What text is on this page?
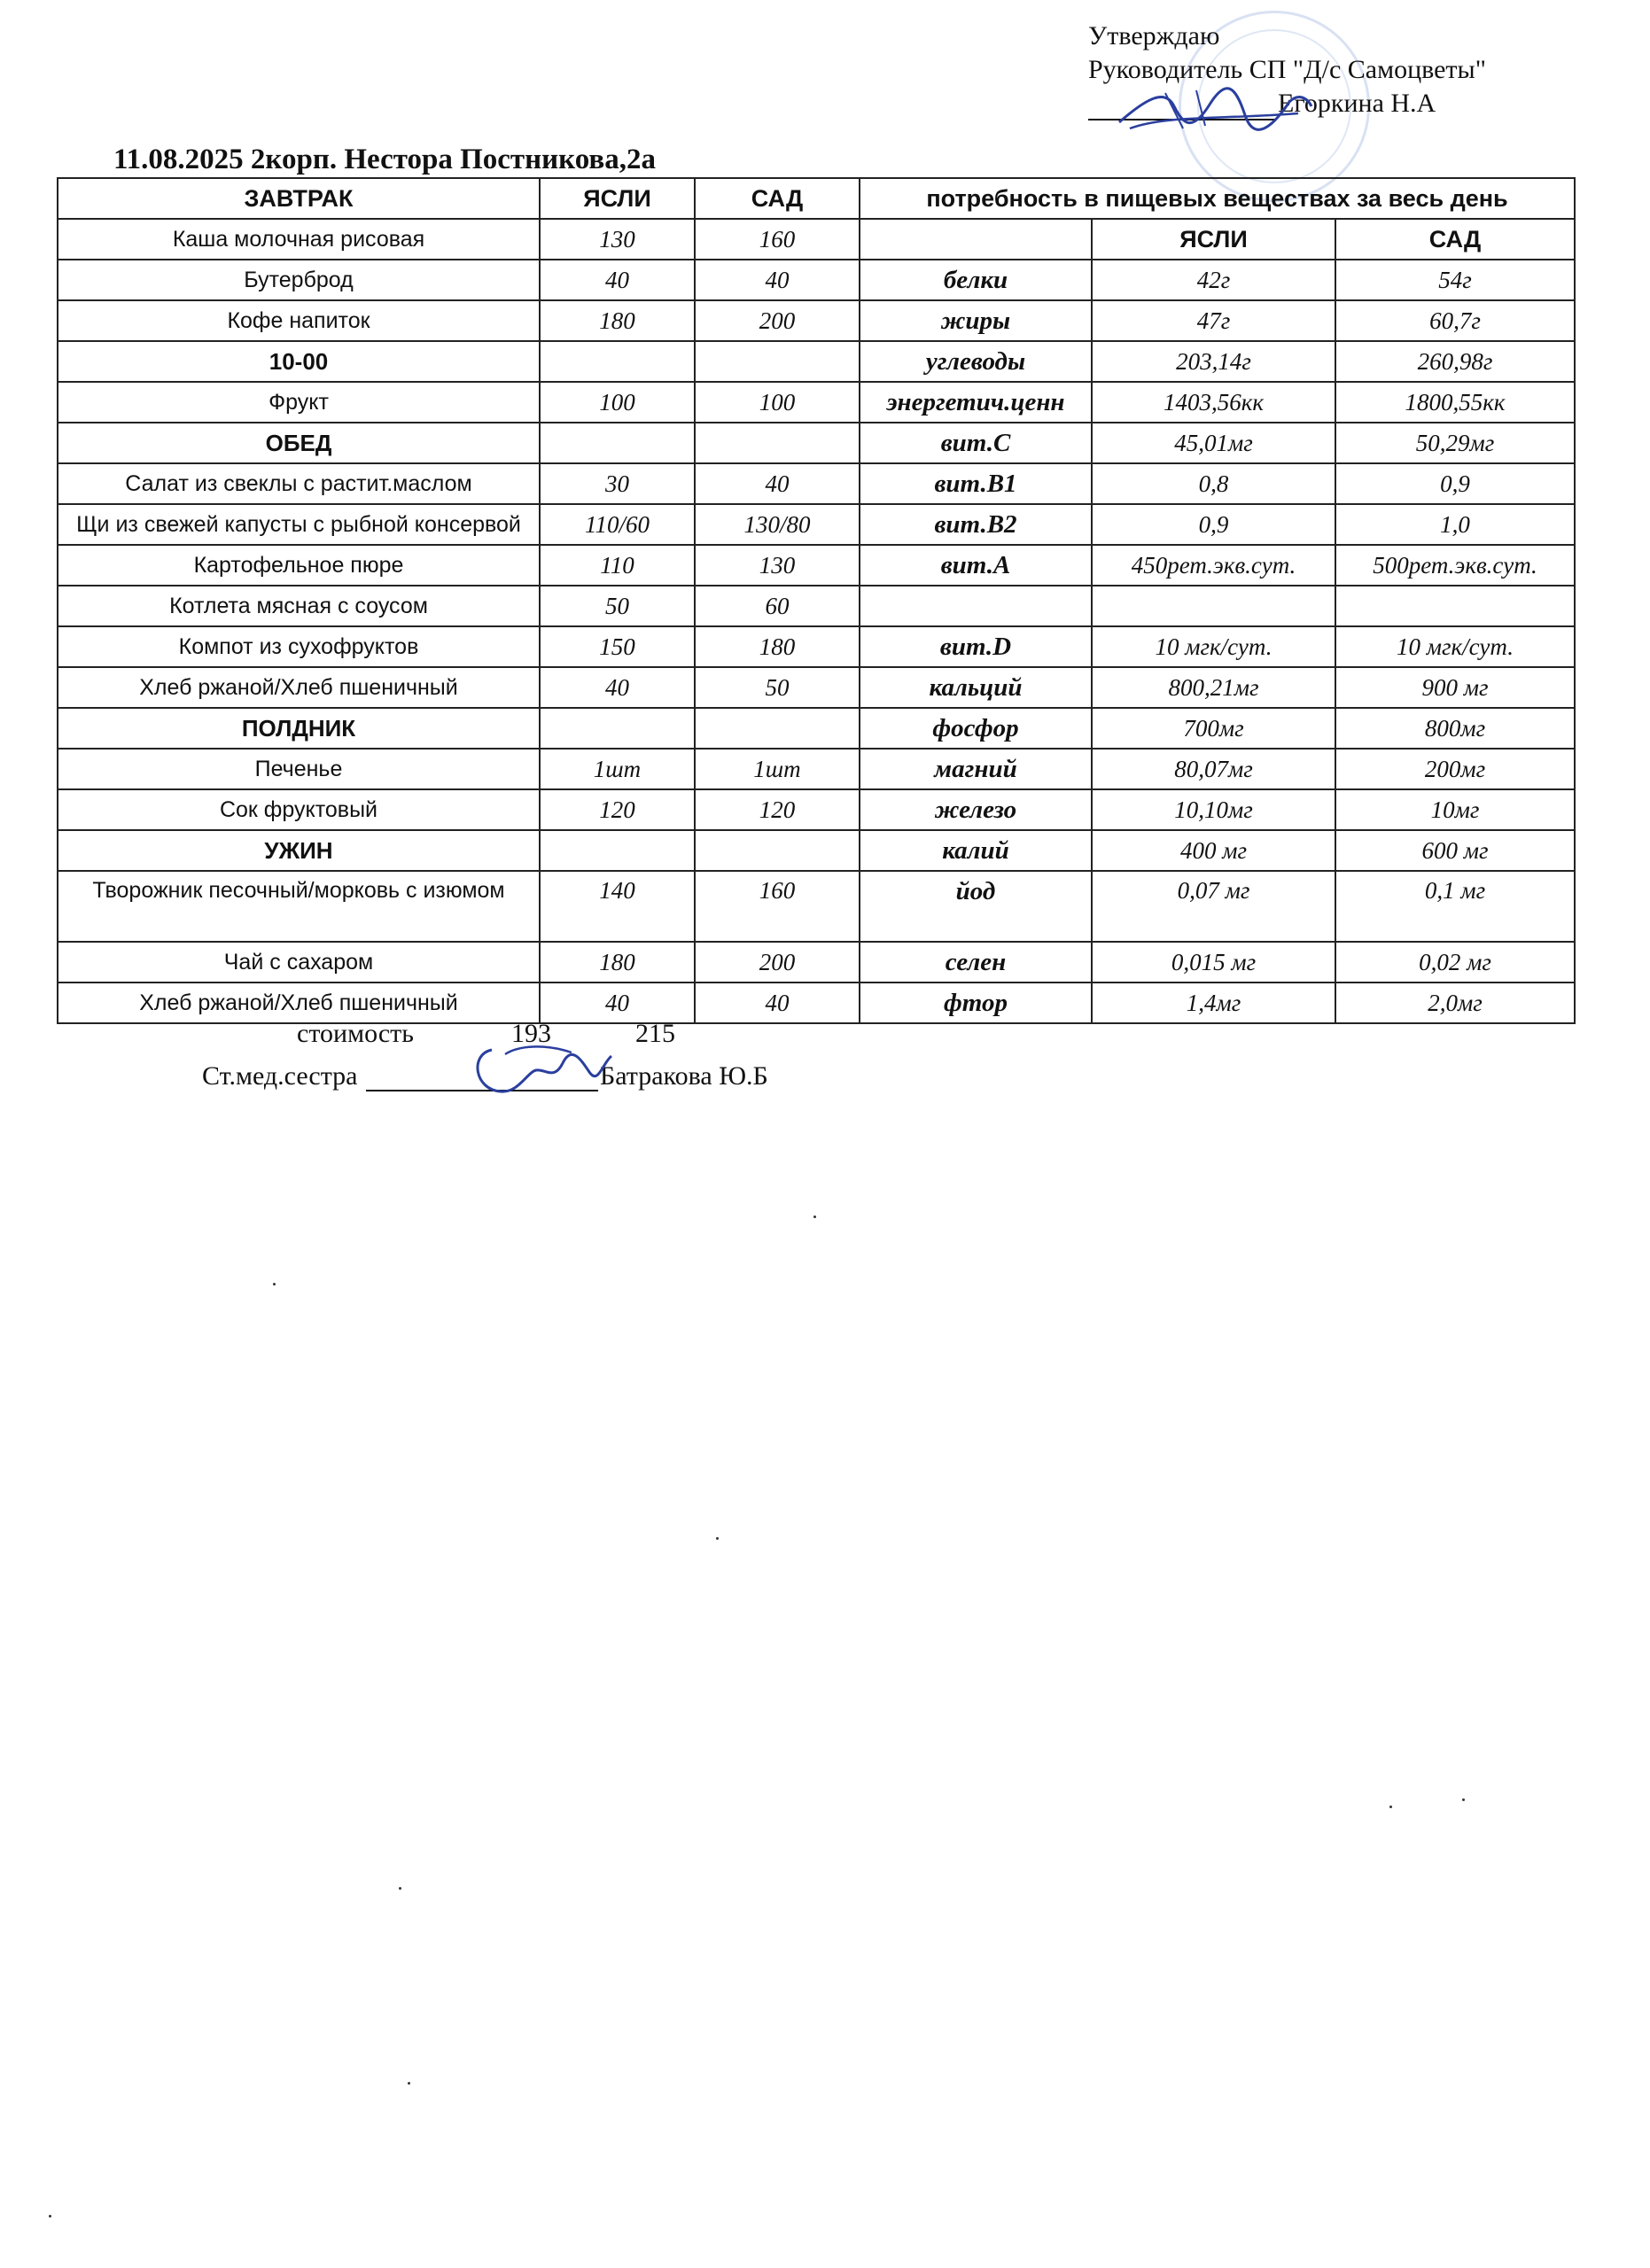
Утверждаю
Руководитель СП "Д/с Самоцветы"
Егоркина Н.А
11.08.2025 2корп. Нестора Постникова,2а
ЗАВТРАК	ЯСЛИ	САД	потребность в пищевых веществах за весь день		
Каша молочная рисовая	130	160		ЯСЛИ	САД
Бутерброд	40	40	белки	42г	54г
Кофе напиток	180	200	жиры	47г	60,7г
10-00			углеводы	203,14г	260,98г
Фрукт	100	100	энергетич.ценн	1403,56кк	1800,55кк
ОБЕД			вит.С	45,01мг	50,29мг
Салат из свеклы с растит.маслом	30	40	вит.В1	0,8	0,9
Щи из свежей капусты с рыбной консервой	110/60	130/80	вит.В2	0,9	1,0
Картофельное пюре	110	130	вит.А	450рет.экв.сут.	500рет.экв.сут.
Котлета мясная с соусом	50	60			
Компот из сухофруктов	150	180	вит.D	10 мгк/сут.	10 мгк/сут.
Хлеб ржаной/Хлеб пшеничный	40	50	кальций	800,21мг	900 мг
ПОЛДНИК			фосфор	700мг	800мг
Печенье	1шт	1шт	магний	80,07мг	200мг
Сок фруктовый	120	120	железо	10,10мг	10мг
УЖИН			калий	400 мг	600 мг
Творожник песочный/морковь с изюмом	140	160	йод	0,07 мг	0,1 мг
Чай с сахаром	180	200	селен	0,015 мг	0,02 мг
Хлеб ржаной/Хлеб пшеничный	40	40	фтор	1,4мг	2,0мг
стоимость	193	215
Ст.мед.сестра	Батракова Ю.Б
